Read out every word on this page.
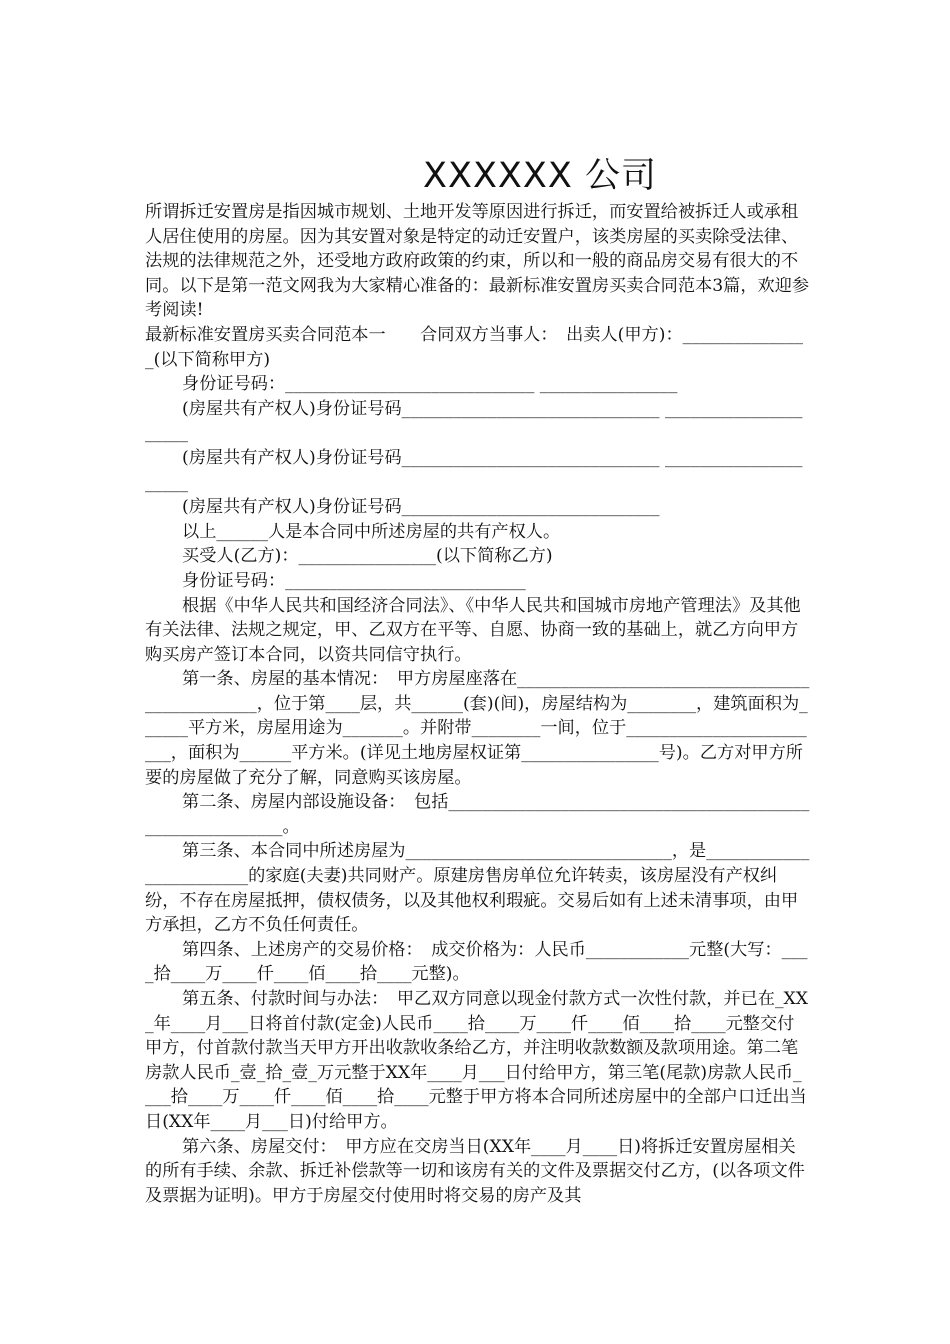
XXXXXX 公司

所谓拆迁安置房是指因城市规划、土地开发等原因进行拆迁，而安置给被拆迁人或承租人居住使用的房屋。因为其安置对象是特定的动迁安置户，该类房屋的买卖除受法律、法规的法律规范之外，还受地方政府政策的约束，所以和一般的商品房交易有很大的不同。以下是第一范文网我为大家精心准备的：最新标准安置房买卖合同范本3篇，欢迎参考阅读!

最新标准安置房买卖合同范本一　　合同双方当事人：　出卖人(甲方)：_______________(以下简称甲方)

身份证号码：_____________________________ ________________

(房屋共有产权人)身份证号码______________________________ _____________________

(房屋共有产权人)身份证号码______________________________ _____________________

(房屋共有产权人)身份证号码______________________________

以上______人是本合同中所述房屋的共有产权人。

买受人(乙方)：________________(以下简称乙方)

身份证号码：____________________________

根据《中华人民共和国经济合同法》、《中华人民共和国城市房地产管理法》及其他有关法律、法规之规定，甲、乙双方在平等、自愿、协商一致的基础上，就乙方向甲方购买房产签订本合同，以资共同信守执行。

第一条、房屋的基本情况：　甲方房屋座落在_______________________________________________，位于第____层，共______(套)(间)，房屋结构为________，建筑面积为______平方米，房屋用途为_______。并附带________一间，位于________________________，面积为______平方米。(详见土地房屋权证第________________号)。乙方对甲方所要的房屋做了充分了解，同意购买该房屋。

第二条、房屋内部设施设备：　包括__________________________________________________________。

第三条、本合同中所述房屋为_______________________________，是________________________的家庭(夫妻)共同财产。原建房售房单位允许转卖，该房屋没有产权纠纷，不存在房屋抵押，债权债务，以及其他权利瑕疵。交易后如有上述未清事项，由甲方承担，乙方不负任何责任。

第四条、上述房产的交易价格：　成交价格为：人民币____________元整(大写：____拾____万____仟____佰____拾____元整)。

第五条、付款时间与办法：　甲乙双方同意以现金付款方式一次性付款，并已在_XX_年____月___日将首付款(定金)人民币____拾____万____仟____佰____拾____元整交付甲方，付首款付款当天甲方开出收款收条给乙方，并注明收款数额及款项用途。第二笔房款人民币_壹_拾_壹_万元整于XX年____月___日付给甲方，第三笔(尾款)房款人民币____拾____万____仟____佰____拾____元整于甲方将本合同所述房屋中的全部户口迁出当日(XX年____月___日)付给甲方。

第六条、房屋交付：　甲方应在交房当日(XX年____月____日)将拆迁安置房屋相关的所有手续、余款、拆迁补偿款等一切和该房有关的文件及票据交付乙方，(以各项文件及票据为证明)。甲方于房屋交付使用时将交易的房产及其
